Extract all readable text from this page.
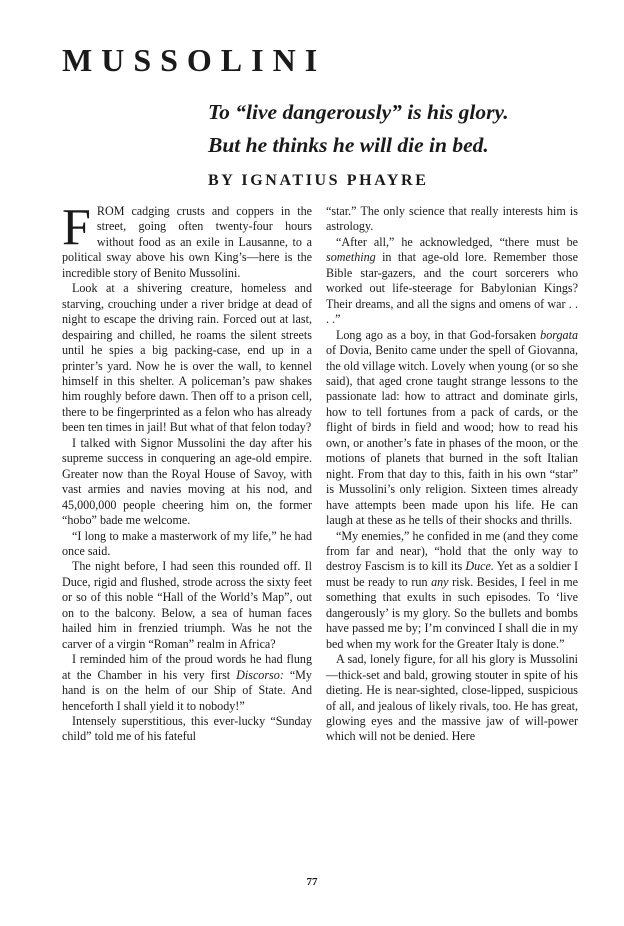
MUSSOLINI
To “live dangerously” is his glory.
But he thinks he will die in bed.
BY IGNATIUS PHAYRE

FROM cadging crusts and coppers in the street, going often twenty-four hours without food as an exile in Lausanne, to a political sway above his own King’s—here is the incredible story of Benito Mussolini.

Look at a shivering creature, homeless and starving, crouching under a river bridge at dead of night to escape the driving rain. Forced out at last, despairing and chilled, he roams the silent streets until he spies a big packing-case, end up in a printer’s yard. Now he is over the wall, to kennel himself in this shelter. A policeman’s paw shakes him roughly before dawn. Then off to a prison cell, there to be fingerprinted as a felon who has already been ten times in jail! But what of that felon today?

I talked with Signor Mussolini the day after his supreme success in conquering an age-old empire. Greater now than the Royal House of Savoy, with vast armies and navies moving at his nod, and 45,000,000 people cheering him on, the former “hobo” bade me welcome.

“I long to make a masterwork of my life,” he had once said.

The night before, I had seen this rounded off. Il Duce, rigid and flushed, strode across the sixty feet or so of this noble “Hall of the World’s Map”, out on to the balcony. Below, a sea of human faces hailed him in frenzied triumph. Was he not the carver of a virgin “Roman” realm in Africa?

I reminded him of the proud words he had flung at the Chamber in his very first Discorso: “My hand is on the helm of our Ship of State. And henceforth I shall yield it to nobody!”

Intensely superstitious, this ever-lucky “Sunday child” told me of his fateful

“star.” The only science that really interests him is astrology.

“After all,” he acknowledged, “there must be something in that age-old lore. Remember those Bible star-gazers, and the court sorcerers who worked out life-steerage for Babylonian Kings? Their dreams, and all the signs and omens of war . . . .”

Long ago as a boy, in that God-forsaken borgata of Dovia, Benito came under the spell of Giovanna, the old village witch. Lovely when young (or so she said), that aged crone taught strange lessons to the passionate lad: how to attract and dominate girls, how to tell fortunes from a pack of cards, or the flight of birds in field and wood; how to read his own, or another’s fate in phases of the moon, or the motions of planets that burned in the soft Italian night. From that day to this, faith in his own “star” is Mussolini’s only religion. Sixteen times already have attempts been made upon his life. He can laugh at these as he tells of their shocks and thrills.

“My enemies,” he confided in me (and they come from far and near), “hold that the only way to destroy Fascism is to kill its Duce. Yet as a soldier I must be ready to run any risk. Besides, I feel in me something that exults in such episodes. To ‘live dangerously’ is my glory. So the bullets and bombs have passed me by; I’m convinced I shall die in my bed when my work for the Greater Italy is done.”

A sad, lonely figure, for all his glory is Mussolini—thick-set and bald, growing stouter in spite of his dieting. He is near-sighted, close-lipped, suspicious of all, and jealous of likely rivals, too. He has great, glowing eyes and the massive jaw of will-power which will not be denied. Here

77
